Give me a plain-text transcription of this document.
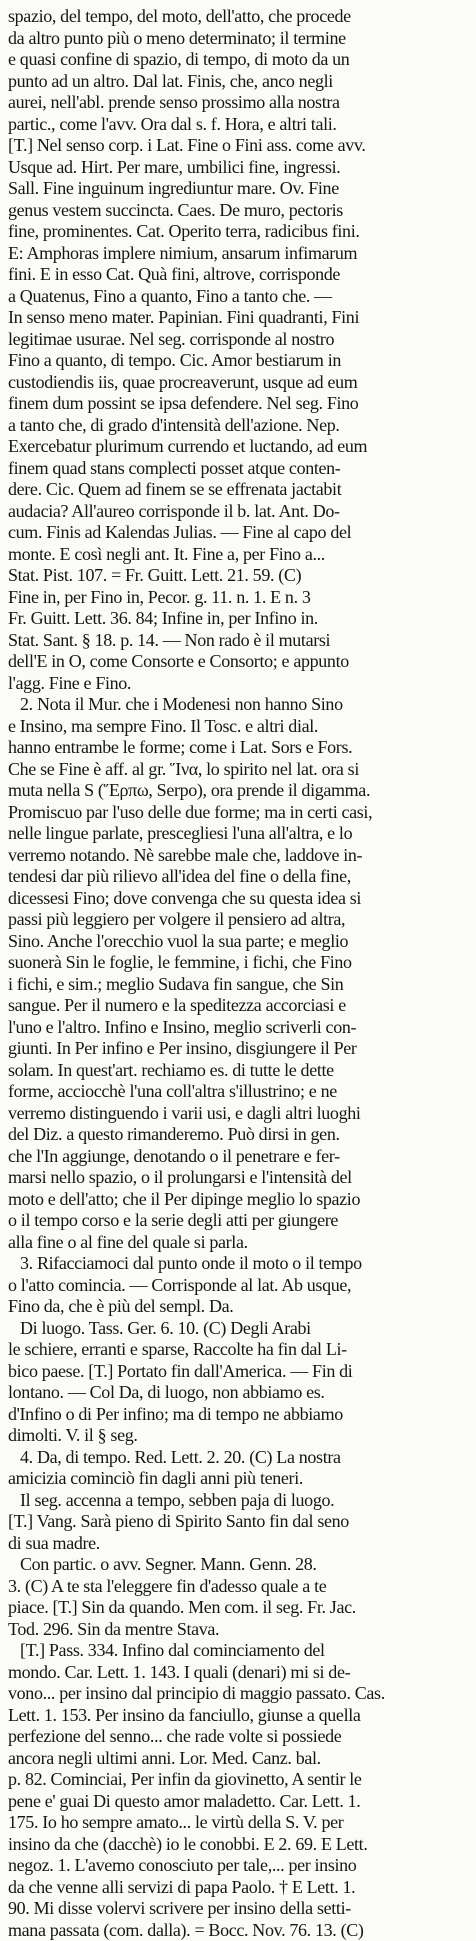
spazio, del tempo, del moto, dell'atto, che procede
da altro punto più o meno determinato; il termine
e quasi confine di spazio, di tempo, di moto da un
punto ad un altro. Dal lat. Finis, che, anco negli
aurei, nell'abl. prende senso prossimo alla nostra
partic., come l'avv. Ora dal s. f. Hora, e altri tali.
[T.] Nel senso corp. i Lat. Fine o Fini ass. come avv.
Usque ad. Hirt. Per mare, umbilici fine, ingressi.
Sall. Fine inguinum ingrediuntur mare. Ov. Fine
genus vestem succincta. Caes. De muro, pectoris
fine, prominentes. Cat. Operito terra, radicibus fini.
E: Amphoras implere nimium, ansarum infimarum
fini. E in esso Cat. Quà fini, altrove, corrisponde
a Quatenus, Fino a quanto, Fino a tanto che. —
In senso meno mater. Papinian. Fini quadranti, Fini
legitimae usurae. Nel seg. corrisponde al nostro
Fino a quanto, di tempo. Cic. Amor bestiarum in
custodiendis iis, quae procreaverunt, usque ad eum
finem dum possint se ipsa defendere. Nel seg. Fino
a tanto che, di grado d'intensità dell'azione. Nep.
Exercebatur plurimum currendo et luctando, ad eum
finem quad stans complecti posset atque conten-
dere. Cic. Quem ad finem se se effrenata jactabit
audacia? All'aureo corrisponde il b. lat. Ant. Do-
cum. Finis ad Kalendas Julias. — Fine al capo del
monte. E così negli ant. It. Fine a, per Fino a...
Stat. Pist. 107. = Fr. Guitt. Lett. 21. 59. (C)
Fine in, per Fino in, Pecor. g. 11. n. 1. E n. 3
Fr. Guitt. Lett. 36. 84; Infine in, per Infino in.
Stat. Sant. § 18. p. 14. — Non rado è il mutarsi
dell'E in O, come Consorte e Consorto; e appunto
l'agg. Fine e Fino.
2. Nota il Mur. che i Modenesi non hanno Sino
e Insino, ma sempre Fino. Il Tosc. e altri dial.
hanno entrambe le forme; come i Lat. Sors e Fors.
Che se Fine è aff. al gr. Ἵνα, lo spirito nel lat. ora si
muta nella S (Ἕρπω, Serpo), ora prende il digamma.
Promiscuo par l'uso delle due forme; ma in certi casi,
nelle lingue parlate, prescegliesi l'una all'altra, e lo
verremo notando. Nè sarebbe male che, laddove in-
tendesi dar più rilievo all'idea del fine o della fine,
dicessesi Fino; dove convenga che su questa idea si
passi più leggiero per volgere il pensiero ad altra,
Sino. Anche l'orecchio vuol la sua parte; e meglio
suonerà Sin le foglie, le femmine, i fichi, che Fino
i fichi, e sim.; meglio Sudava fin sangue, che Sin
sangue. Per il numero e la speditezza accorciasi e
l'uno e l'altro. Infino e Insino, meglio scriverli con-
giunti. In Per infino e Per insino, disgiungere il Per
solam. In quest'art. rechiamo es. di tutte le dette
forme, acciocchè l'una coll'altra s'illustrino; e ne
verremo distinguendo i varii usi, e dagli altri luoghi
del Diz. a questo rimanderemo. Può dirsi in gen.
che l'In aggiunge, denotando o il penetrare e fer-
marsi nello spazio, o il prolungarsi e l'intensità del
moto e dell'atto; che il Per dipinge meglio lo spazio
o il tempo corso e la serie degli atti per giungere
alla fine o al fine del quale si parla.
3. Rifacciamoci dal punto onde il moto o il tempo
o l'atto comincia. — Corrisponde al lat. Ab usque,
Fino da, che è più del sempl. Da.
Di luogo. Tass. Ger. 6. 10. (C) Degli Arabi
le schiere, erranti e sparse, Raccolte ha fin dal Li-
bico paese. [T.] Portato fin dall'America. — Fin di
lontano. — Col Da, di luogo, non abbiamo es.
d'Infino o di Per infino; ma di tempo ne abbiamo
dimolti. V. il § seg.
4. Da, di tempo. Red. Lett. 2. 20. (C) La nostra
amicizia cominciò fin dagli anni più teneri.
Il seg. accenna a tempo, sebben paja di luogo.
[T.] Vang. Sarà pieno di Spirito Santo fin dal seno
di sua madre.
Con partic. o avv. Segner. Mann. Genn. 28.
3. (C) A te sta l'eleggere fin d'adesso quale a te
piace. [T.] Sin da quando. Men com. il seg. Fr. Jac.
Tod. 296. Sin da mentre Stava.
[T.] Pass. 334. Infino dal cominciamento del
mondo. Car. Lett. 1. 143. I quali (denari) mi si de-
vono... per insino dal principio di maggio passato. Cas.
Lett. 1. 153. Per insino da fanciullo, giunse a quella
perfezione del senno... che rade volte si possiede
ancora negli ultimi anni. Lor. Med. Canz. bal.
p. 82. Cominciai, Per infin da giovinetto, A sentir le
pene e' guai Di questo amor maladetto. Car. Lett. 1.
175. Io ho sempre amato... le virtù della S. V. per
insino da che (dacchè) io le conobbi. E 2. 69. E Lett.
negoz. 1. L'avemo conosciuto per tale,... per insino
da che venne alli servizi di papa Paolo. † E Lett. 1.
90. Mi disse volervi scrivere per insino della setti-
mana passata (com. dalla). = Bocc. Nov. 76. 13. (C)
